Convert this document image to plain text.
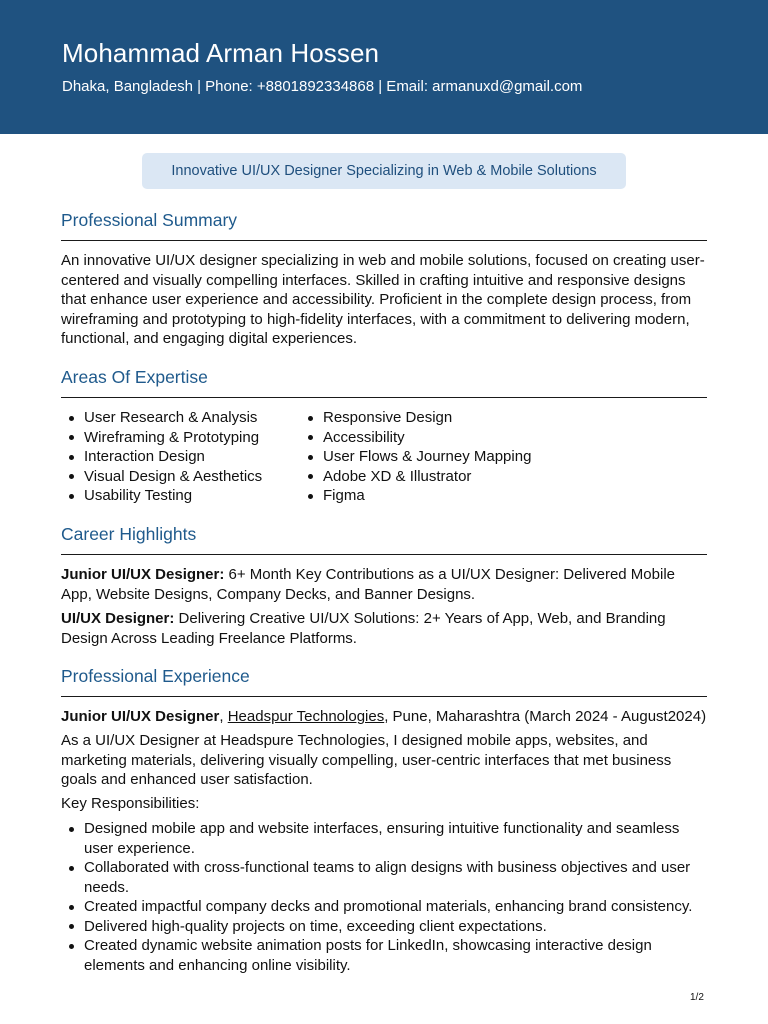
Mohammad Arman Hossen
Dhaka, Bangladesh | Phone: +8801892334868 | Email: armanuxd@gmail.com
Innovative UI/UX Designer Specializing in Web & Mobile Solutions
Professional Summary

An innovative UI/UX designer specializing in web and mobile solutions, focused on creating user-centered and visually compelling interfaces. Skilled in crafting intuitive and responsive designs that enhance user experience and accessibility. Proficient in the complete design process, from wireframing and prototyping to high-fidelity interfaces, with a commitment to delivering modern, functional, and engaging digital experiences.

Areas Of Expertise
User Research & Analysis
Wireframing & Prototyping
Interaction Design
Visual Design & Aesthetics
Usability Testing
Responsive Design
Accessibility
User Flows & Journey Mapping
Adobe XD & Illustrator
Figma
Career Highlights

Junior UI/UX Designer: 6+ Month Key Contributions as a UI/UX Designer: Delivered Mobile App, Website Designs, Company Decks, and Banner Designs.

UI/UX Designer: Delivering Creative UI/UX Solutions: 2+ Years of App, Web, and Branding Design Across Leading Freelance Platforms.

Professional Experience

Junior UI/UX Designer, Headspur Technologies, Pune, Maharashtra (March 2024 - August2024)

As a UI/UX Designer at Headspure Technologies, I designed mobile apps, websites, and marketing materials, delivering visually compelling, user-centric interfaces that met business goals and enhanced user satisfaction.

Key Responsibilities:

Designed mobile app and website interfaces, ensuring intuitive functionality and seamless user experience.
Collaborated with cross-functional teams to align designs with business objectives and user needs.
Created impactful company decks and promotional materials, enhancing brand consistency.
Delivered high-quality projects on time, exceeding client expectations.
Created dynamic website animation posts for LinkedIn, showcasing interactive design elements and enhancing online visibility.
1/2
